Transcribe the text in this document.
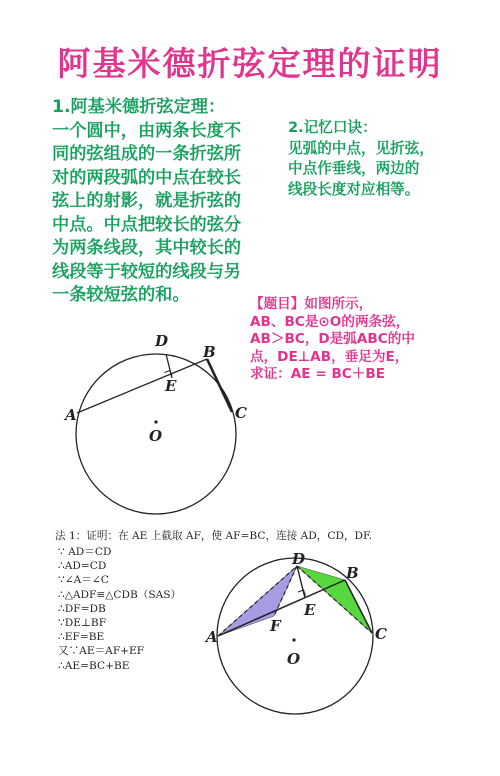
阿基米德折弦定理的证明
1.阿基米德折弦定理：
一个圆中，由两条长度不
同的弦组成的一条折弦所
对的两段弧的中点在较长
弦上的射影，就是折弦的
中点。中点把较长的弦分
为两条线段，其中较长的
线段等于较短的线段与另
一条较短弦的和。
2.记忆口诀：
见弧的中点，见折弦，
中点作垂线，两边的
线段长度对应相等。
【题目】如图所示，
AB、BC是⊙O的两条弦，
AB＞BC，D是弧ABC的中
点，DE⊥AB，垂足为E，
求证：AE = BC＋BE
A
B
C
D
E
O
法 1：证明：在 AE 上截取 AF，使 AF=BC，连接 AD，CD，DF.
∵ AD＝CD
∴AD=CD
∵∠A＝∠C
∴△ADF≌△CDB（SAS）
∴DF=DB
∵DE⊥BF
∴EF=BE
又∵AE＝AF+EF
∴AE=BC+BE
A
B
C
D
E
F
O
